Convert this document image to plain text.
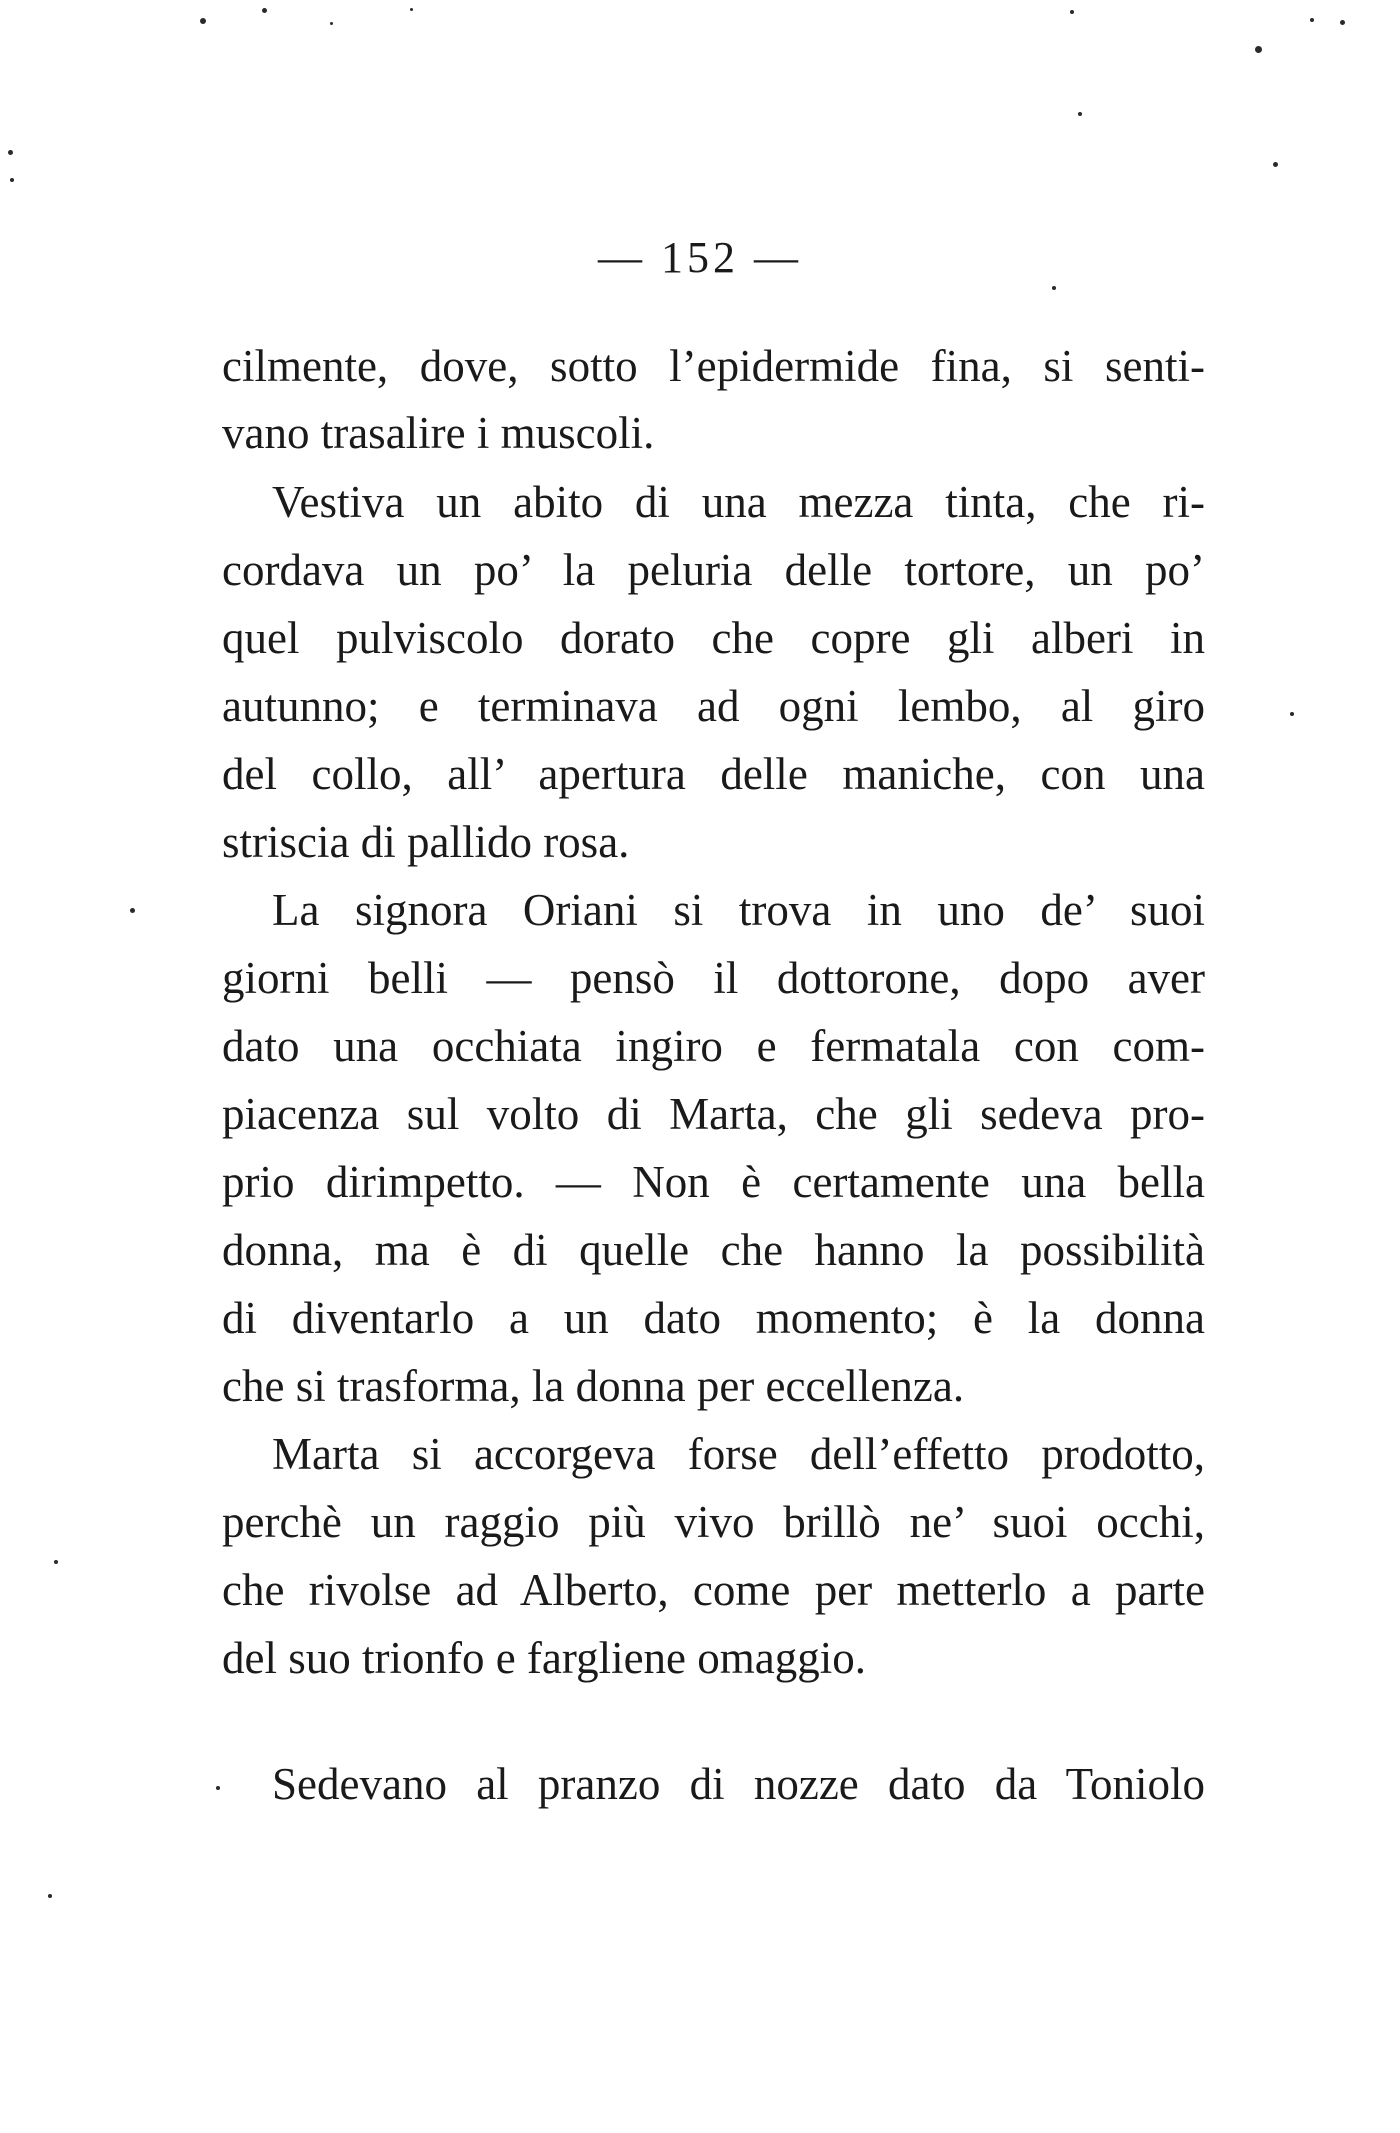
— 152 —
cilmente, dove, sotto l’epidermide fina, si senti-
vano trasalire i muscoli.
Vestiva un abito di una mezza tinta, che ri-
cordava un po’ la peluria delle tortore, un po’
quel pulviscolo dorato che copre gli alberi in
autunno; e terminava ad ogni lembo, al giro
del collo, all’ apertura delle maniche, con una
striscia di pallido rosa.
La signora Oriani si trova in uno de’ suoi
giorni belli — pensò il dottorone, dopo aver
dato una occhiata ingiro e fermatala con com-
piacenza sul volto di Marta, che gli sedeva pro-
prio dirimpetto. — Non è certamente una bella
donna, ma è di quelle che hanno la possibilità
di diventarlo a un dato momento; è la donna
che si trasforma, la donna per eccellenza.
Marta si accorgeva forse dell’effetto prodotto,
perchè un raggio più vivo brillò ne’ suoi occhi,
che rivolse ad Alberto, come per metterlo a parte
del suo trionfo e fargliene omaggio.
Sedevano al pranzo di nozze dato da Toniolo
